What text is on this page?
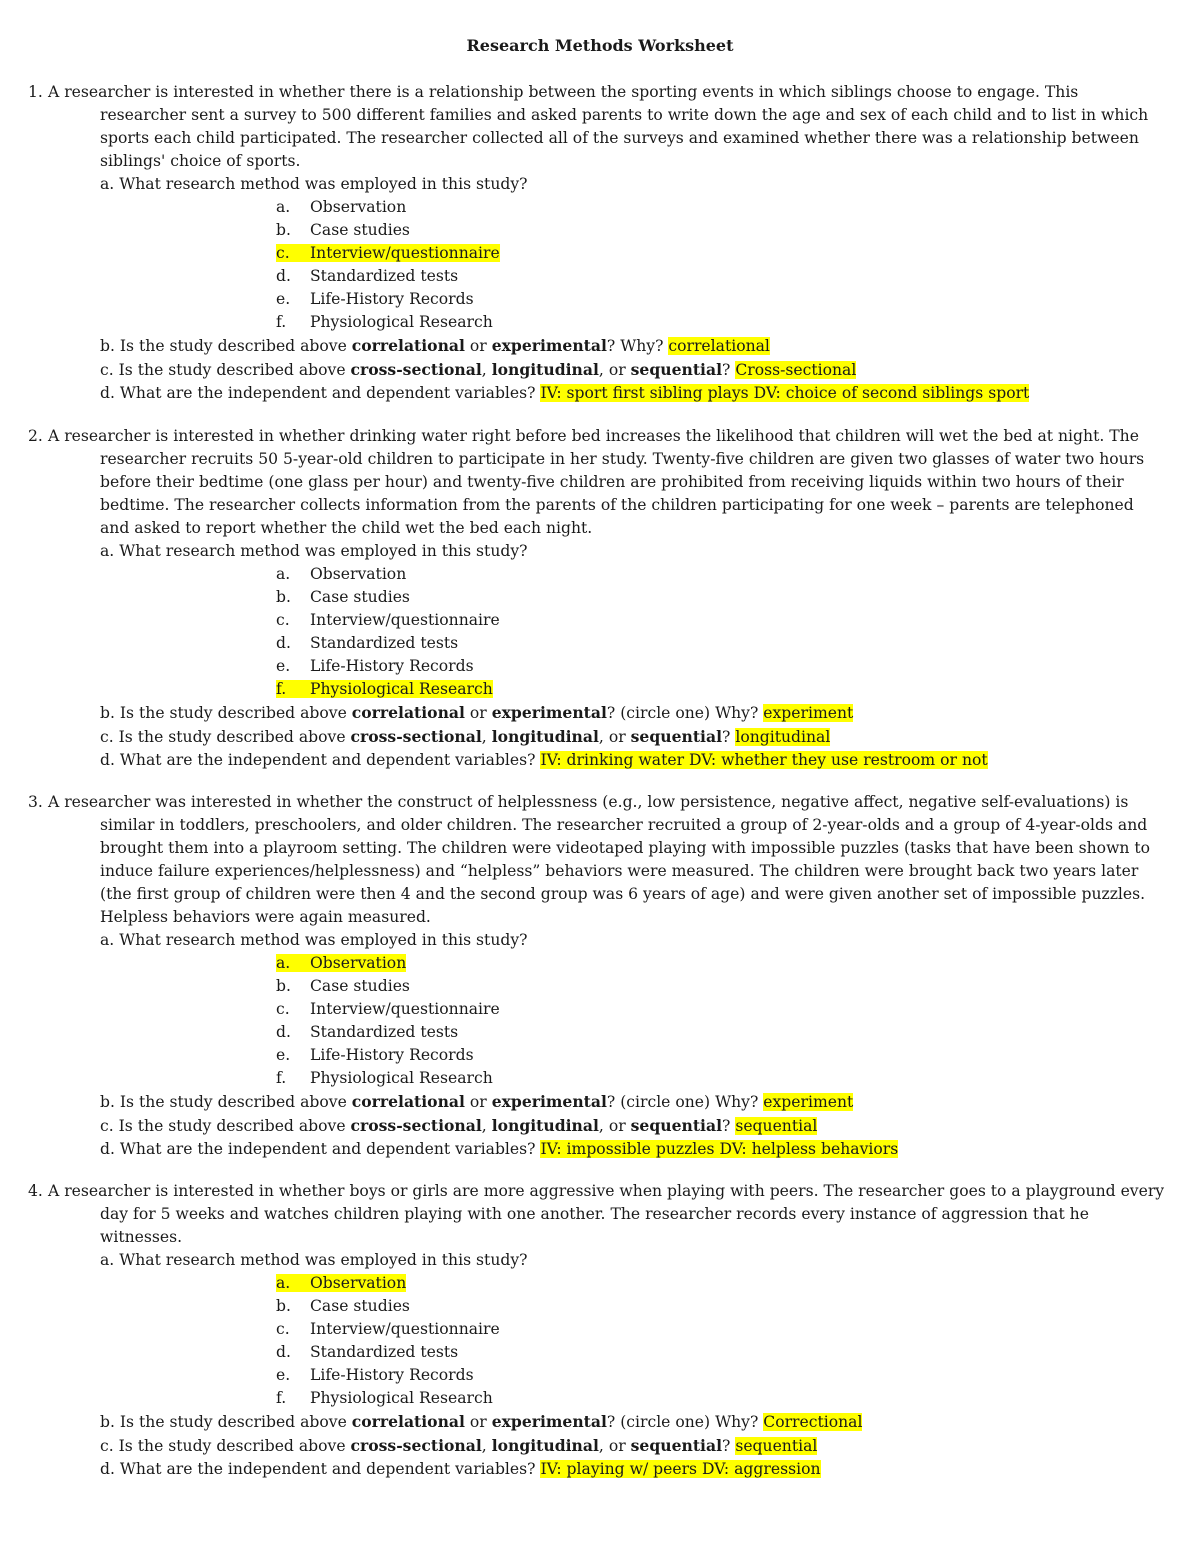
Research Methods Worksheet

1. A researcher is interested in whether there is a relationship between the sporting events in which siblings choose to engage. This researcher sent a survey to 500 different families and asked parents to write down the age and sex of each child and to list in which sports each child participated. The researcher collected all of the surveys and examined whether there was a relationship between siblings' choice of sports.

a. What research method was employed in this study?

a. Observation
b. Case studies
c. Interview/questionnaire
d. Standardized tests
e. Life-History Records
f. Physiological Research

b. Is the study described above correlational or experimental? Why? correlational

c. Is the study described above cross-sectional, longitudinal, or sequential? Cross-sectional

d. What are the independent and dependent variables? IV: sport first sibling plays DV: choice of second siblings sport

2. A researcher is interested in whether drinking water right before bed increases the likelihood that children will wet the bed at night. The researcher recruits 50 5-year-old children to participate in her study. Twenty-five children are given two glasses of water two hours before their bedtime (one glass per hour) and twenty-five children are prohibited from receiving liquids within two hours of their bedtime. The researcher collects information from the parents of the children participating for one week – parents are telephoned and asked to report whether the child wet the bed each night.

a. What research method was employed in this study?

a. Observation
b. Case studies
c. Interview/questionnaire
d. Standardized tests
e. Life-History Records
f. Physiological Research

b. Is the study described above correlational or experimental? (circle one) Why? experiment

c. Is the study described above cross-sectional, longitudinal, or sequential? longitudinal

d. What are the independent and dependent variables? IV: drinking water DV: whether they use restroom or not

3. A researcher was interested in whether the construct of helplessness (e.g., low persistence, negative affect, negative self-evaluations) is similar in toddlers, preschoolers, and older children. The researcher recruited a group of 2-year-olds and a group of 4-year-olds and brought them into a playroom setting. The children were videotaped playing with impossible puzzles (tasks that have been shown to induce failure experiences/helplessness) and “helpless” behaviors were measured. The children were brought back two years later (the first group of children were then 4 and the second group was 6 years of age) and were given another set of impossible puzzles. Helpless behaviors were again measured.

a. What research method was employed in this study?

a. Observation
b. Case studies
c. Interview/questionnaire
d. Standardized tests
e. Life-History Records
f. Physiological Research

b. Is the study described above correlational or experimental? (circle one) Why? experiment

c. Is the study described above cross-sectional, longitudinal, or sequential? sequential

d. What are the independent and dependent variables? IV: impossible puzzles DV: helpless behaviors

4. A researcher is interested in whether boys or girls are more aggressive when playing with peers. The researcher goes to a playground every day for 5 weeks and watches children playing with one another. The researcher records every instance of aggression that he witnesses.

a. What research method was employed in this study?

a. Observation
b. Case studies
c. Interview/questionnaire
d. Standardized tests
e. Life-History Records
f. Physiological Research

b. Is the study described above correlational or experimental? (circle one) Why? Correctional

c. Is the study described above cross-sectional, longitudinal, or sequential? sequential

d. What are the independent and dependent variables? IV: playing w/ peers DV: aggression
